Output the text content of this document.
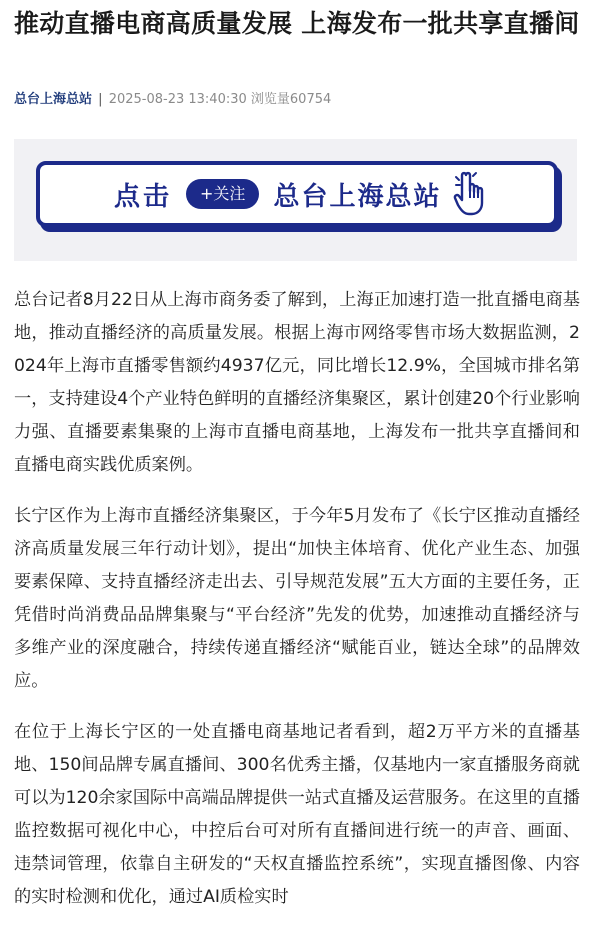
推动直播电商高质量发展 上海发布一批共享直播间
总台上海总站 | 2025-08-23 13:40:30 浏览量60754
点击	+关注	总台上海总站

总台记者8月22日从上海市商务委了解到，上海正加速打造一批直播电商基地，推动直播经济的高质量发展。根据上海市网络零售市场大数据监测，2024年上海市直播零售额约4937亿元，同比增长12.9%，全国城市排名第一，支持建设4个产业特色鲜明的直播经济集聚区，累计创建20个行业影响力强、直播要素集聚的上海市直播电商基地，上海发布一批共享直播间和直播电商实践优质案例。

长宁区作为上海市直播经济集聚区，于今年5月发布了《长宁区推动直播经济高质量发展三年行动计划》，提出“加快主体培育、优化产业生态、加强要素保障、支持直播经济走出去、引导规范发展”五大方面的主要任务，正凭借时尚消费品品牌集聚与“平台经济”先发的优势，加速推动直播经济与多维产业的深度融合，持续传递直播经济“赋能百业，链达全球”的品牌效应。

在位于上海长宁区的一处直播电商基地记者看到，超2万平方米的直播基地、150间品牌专属直播间、300名优秀主播，仅基地内一家直播服务商就可以为120余家国际中高端品牌提供一站式直播及运营服务。在这里的直播监控数据可视化中心，中控后台可对所有直播间进行统一的声音、画面、违禁词管理，依靠自主研发的“天权直播监控系统”，实现直播图像、内容的实时检测和优化，通过AI质检实时
